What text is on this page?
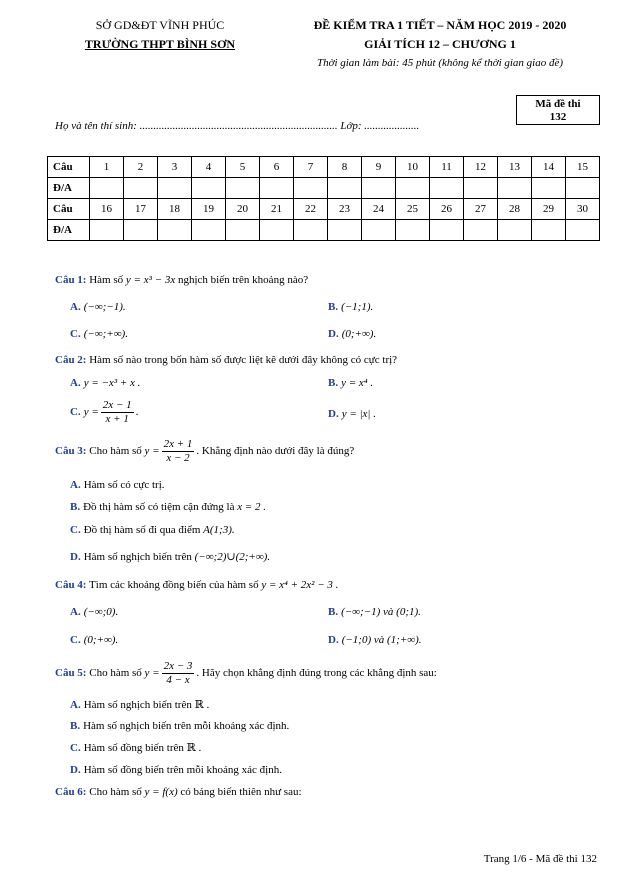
SỞ GD&ĐT VĨNH PHÚC
TRƯỜNG THPT BÌNH SƠN
ĐỀ KIỂM TRA 1 TIẾT – NĂM HỌC 2019 - 2020
GIẢI TÍCH 12 – CHƯƠNG 1
Thời gian làm bài: 45 phút (không kể thời gian giao đề)
Mã đề thi
132
Họ và tên thí sinh: ........................................................................ Lớp: ....................
Câu	1	2	3	4	5	6	7	8	9	10	11	12	13	14	15
Đ/A															
Câu	16	17	18	19	20	21	22	23	24	25	26	27	28	29	30
Đ/A															
Câu 1: Hàm số y = x³ − 3x nghịch biến trên khoảng nào?
A. (−∞;−1).	B. (−1;1).
C. (−∞;+∞).	D. (0;+∞).
Câu 2: Hàm số nào trong bốn hàm số được liệt kê dưới đây không có cực trị?
A. y = −x³ + x .	B. y = x⁴ .
C. $y = \frac{2x - 1}{x + 1}$ .	D. y = |x| .
Câu 3: Cho hàm số $y = \frac{2x + 1}{x - 2}$ . Khẳng định nào dưới đây là đúng?
A. Hàm số có cực trị.
B. Đồ thị hàm số có tiệm cận đứng là x = 2 .
C. Đồ thị hàm số đi qua điểm A(1;3).
D. Hàm số nghịch biến trên (−∞;2)∪(2;+∞).
Câu 4: Tìm các khoảng đồng biến của hàm số y = x⁴ + 2x² − 3 .
A. (−∞;0).	B. (−∞;−1) và (0;1).
C. (0;+∞).	D. (−1;0) và (1;+∞).
Câu 5: Cho hàm số $y = \frac{2x - 3}{4 - x}$ . Hãy chọn khẳng định đúng trong các khẳng định sau:
A. Hàm số nghịch biến trên ℝ .
B. Hàm số nghịch biến trên mỗi khoảng xác định.
C. Hàm số đồng biến trên ℝ .
D. Hàm số đồng biến trên mỗi khoảng xác định.
Câu 6: Cho hàm số y = f(x) có bảng biến thiên như sau:
Trang 1/6 - Mã đề thi 132
